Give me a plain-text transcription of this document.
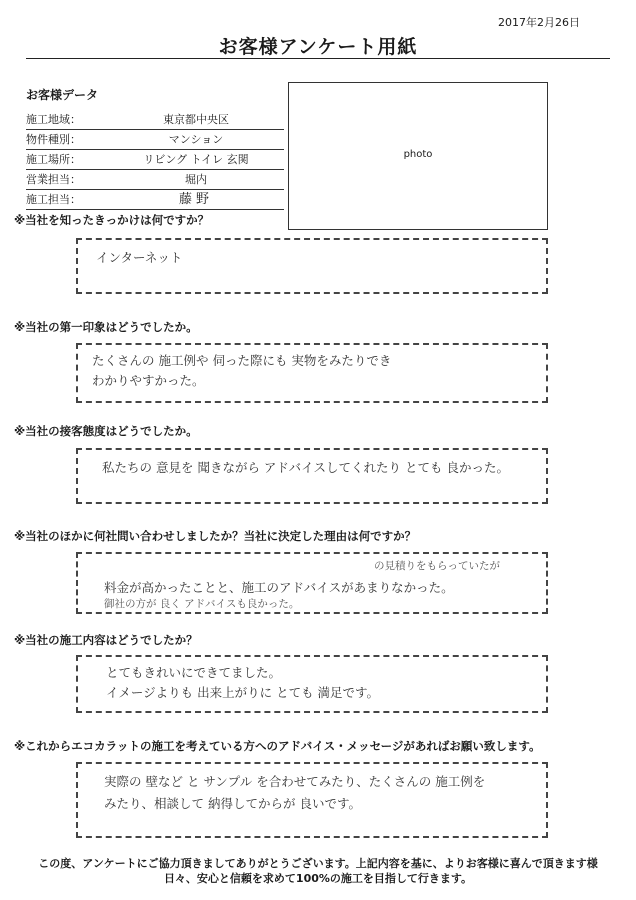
2017年2月26日
お客様アンケート用紙
お客様データ
施工地域：	東京都中央区
物件種別：	マンション
施工場所：	リビング トイレ 玄関
営業担当：	堀内
施工担当：	藤野
photo
※当社を知ったきっかけは何ですか？
インターネット
※当社の第一印象はどうでしたか。
たくさんの 施工例や 伺った際にも 実物をみたりでき
わかりやすかった。
※当社の接客態度はどうでしたか。
私たちの 意見を 聞きながら アドバイスしてくれたり とても 良かった。
※当社のほかに何社問い合わせしましたか？当社に決定した理由は何ですか？
の見積りをもらっていたが
料金が高かったことと、施工のアドバイスがあまりなかった。
御社の方が 良く アドバイスも良かった。
※当社の施工内容はどうでしたか？
とてもきれいにできてました。
イメージよりも 出来上がりに とても 満足です。
※これからエコカラットの施工を考えている方へのアドバイス・メッセージがあればお願い致します。
実際の 壁など と サンプル を合わせてみたり、たくさんの 施工例を
みたり、相談して 納得してからが 良いです。
この度、アンケートにご協力頂きましてありがとうございます。上記内容を基に、よりお客様に喜んで頂きます様
日々、安心と信頼を求めて100%の施工を目指して行きます。
